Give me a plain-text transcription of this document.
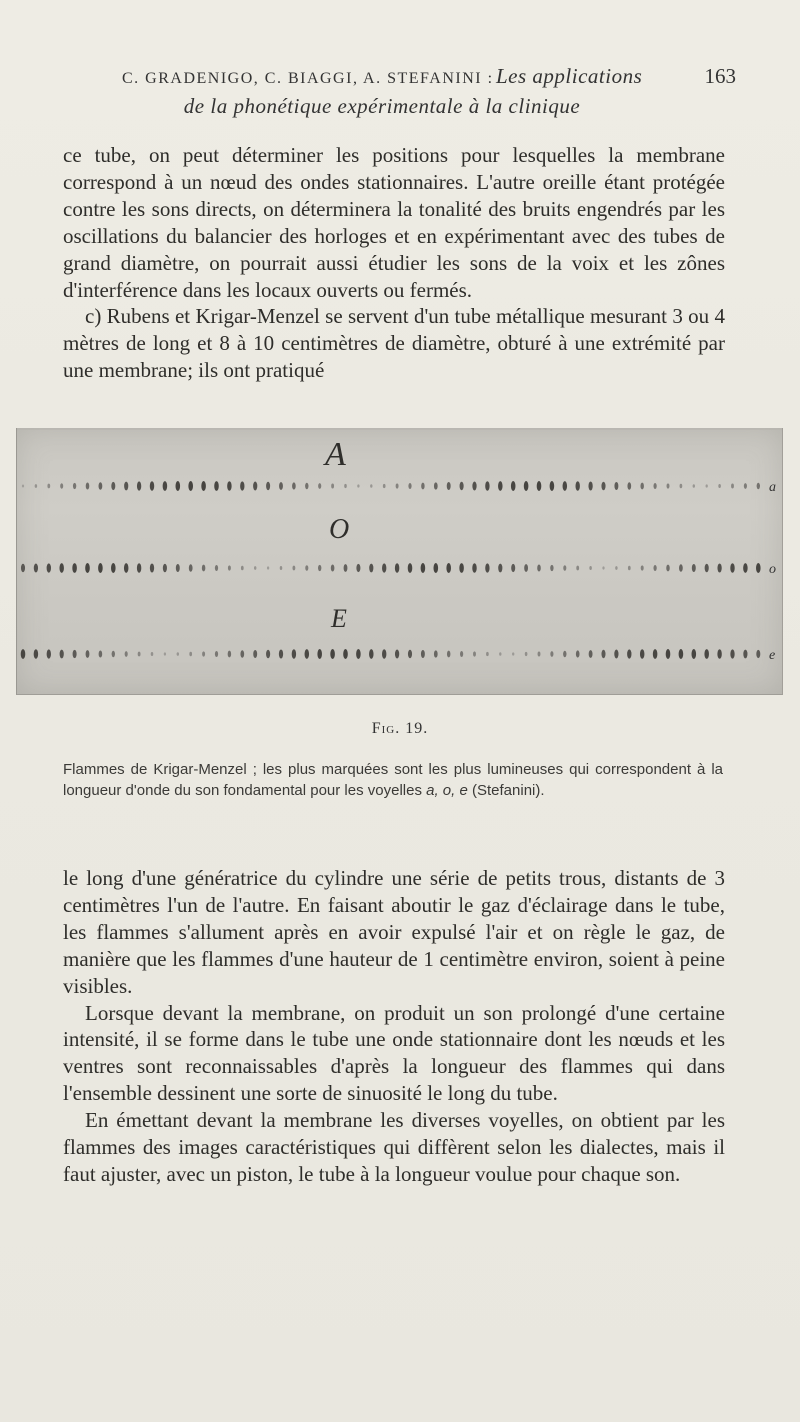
C. GRADENIGO, C. BIAGGI, A. STEFANINI : Les applications	163
de la phonétique expérimentale à la clinique

ce tube, on peut déterminer les positions pour lesquelles la membrane correspond à un nœud des ondes stationnaires. L'autre oreille étant protégée contre les sons directs, on déterminera la tonalité des bruits engendrés par les oscillations du balancier des horloges et en expérimentant avec des tubes de grand diamètre, on pourrait aussi étudier les sons de la voix et les zônes d'interférence dans les locaux ouverts ou fermés.

c) Rubens et Krigar-Menzel se servent d'un tube métallique mesurant 3 ou 4 mètres de long et 8 à 10 centimètres de diamètre, obturé à une extrémité par une membrane; ils ont pratiqué

a
o
e
A
O
E
Fig. 19.
Flammes de Krigar-Menzel ; les plus marquées sont les plus lumineuses qui correspondent à la longueur d'onde du son fondamental pour les voyelles a, o, e (Stefanini).

le long d'une génératrice du cylindre une série de petits trous, distants de 3 centimètres l'un de l'autre. En faisant aboutir le gaz d'éclairage dans le tube, les flammes s'allument après en avoir expulsé l'air et on règle le gaz, de manière que les flammes d'une hauteur de 1 centimètre environ, soient à peine visibles.

Lorsque devant la membrane, on produit un son prolongé d'une certaine intensité, il se forme dans le tube une onde stationnaire dont les nœuds et les ventres sont reconnaissables d'après la longueur des flammes qui dans l'ensemble dessinent une sorte de sinuosité le long du tube.

En émettant devant la membrane les diverses voyelles, on obtient par les flammes des images caractéristiques qui diffèrent selon les dialectes, mais il faut ajuster, avec un piston, le tube à la longueur voulue pour chaque son.
